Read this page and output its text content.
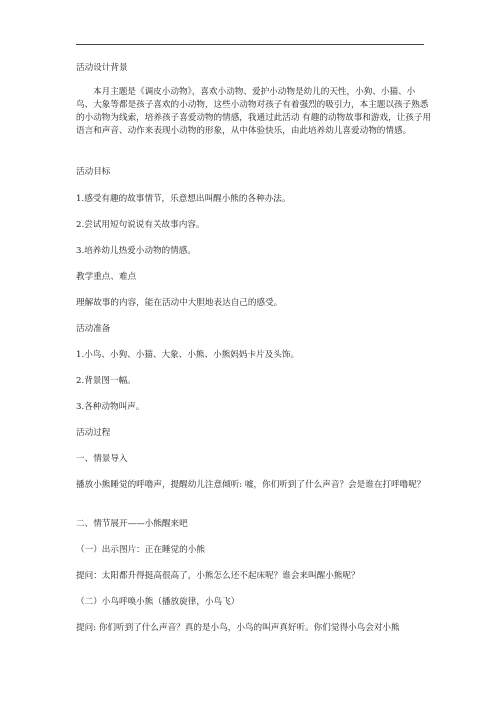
活动设计背景

本月主题是《调皮小动物》，喜欢小动物、爱护小动物是幼儿的天性，小狗、小猫、小鸟、大象等都是孩子喜欢的小动物，这些小动物对孩子有着强烈的吸引力，本主题以孩子熟悉的小动物为线索，培养孩子喜爱动物的情感，我通过此活动 有趣的动物故事和游戏，让孩子用语言和声音、动作来表现小动物的形象，从中体验快乐，由此培养幼儿喜爱动物的情感。

活动目标

1.感受有趣的故事情节，乐意想出叫醒小熊的各种办法。

2.尝试用短句说说有关故事内容。

3.培养幼儿热爱小动物的情感。

教学重点、难点

理解故事的内容，能在活动中大胆地表达自己的感受。

活动准备

1.小鸟、小狗、小猫、大象、小熊、小熊妈妈卡片及头饰。

2.背景图一幅。

3.各种动物叫声。

活动过程

一、情景导入

播放小熊睡觉的呼噜声，提醒幼儿注意倾听: 嘘，你们听到了什么声音？会是谁在打呼噜呢？

二、情节展开——小熊醒来吧

（一）出示图片：正在睡觉的小熊

提问：太阳都升得挺高很高了，小熊怎么还不起床呢？谁会来叫醒小熊呢？

（二）小鸟呼唤小熊（播放旋律，小鸟飞）

提问: 你们听到了什么声音？真的是小鸟，小鸟的叫声真好听。你们觉得小鸟会对小熊
